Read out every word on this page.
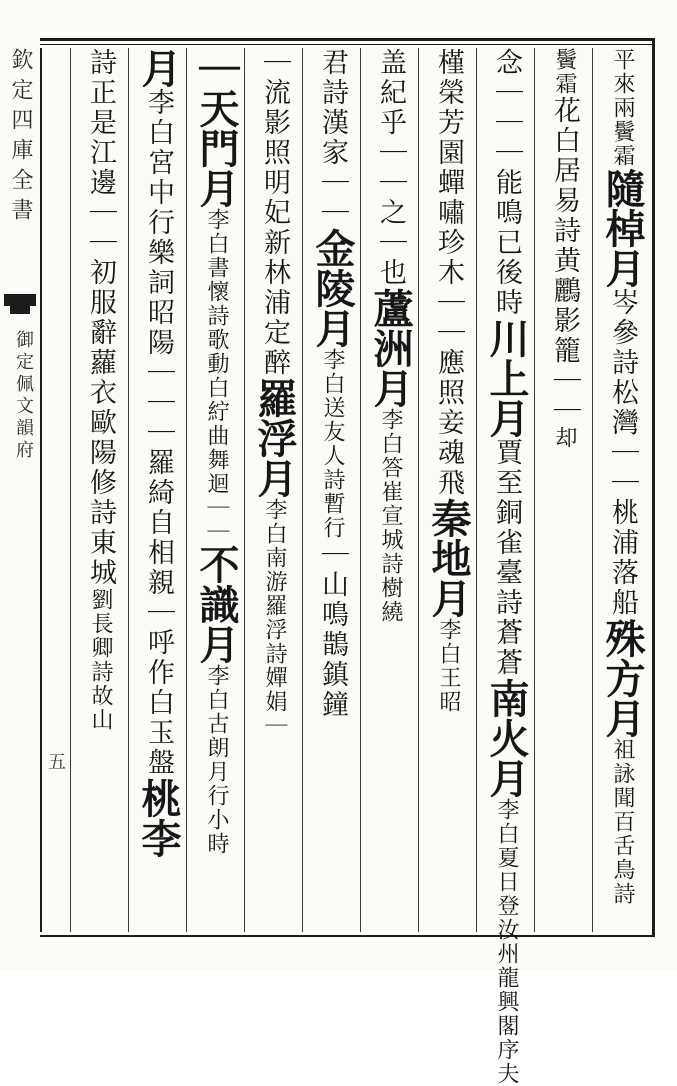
欽定四庫全書
御定佩文韻府
五
平來兩鬢霜隨棹月岑參詩松灣｜｜桃浦落船殊方月祖詠聞百舌鳥詩
鬢霜花白居易詩黄鸝影籠｜｜却
念｜｜｜能鳴已後時川上月賈至銅雀臺詩蒼蒼南火月李白夏日登汝州龍興閣序夫
槿榮芳園蟬嘯珍木｜｜應照妾魂飛秦地月李白王昭
盖紀乎｜｜之｜也蘆洲月李白答崔宣城詩樹繞
君詩漢家｜｜金陵月李白送友人詩暫行｜山鳴鵲鎮鐘
｜流影照明妃新林浦定醉羅浮月李白南游羅浮詩嬋娟｜
｜天門月李白書懷詩歌動白紵曲舞迴｜｜不識月李白古朗月行小時
月李白宮中行樂詞昭陽｜｜｜羅綺自相親｜呼作白玉盤桃李
詩正是江邊｜｜初服辭蘿衣歐陽修詩東城劉長卿詩故山
